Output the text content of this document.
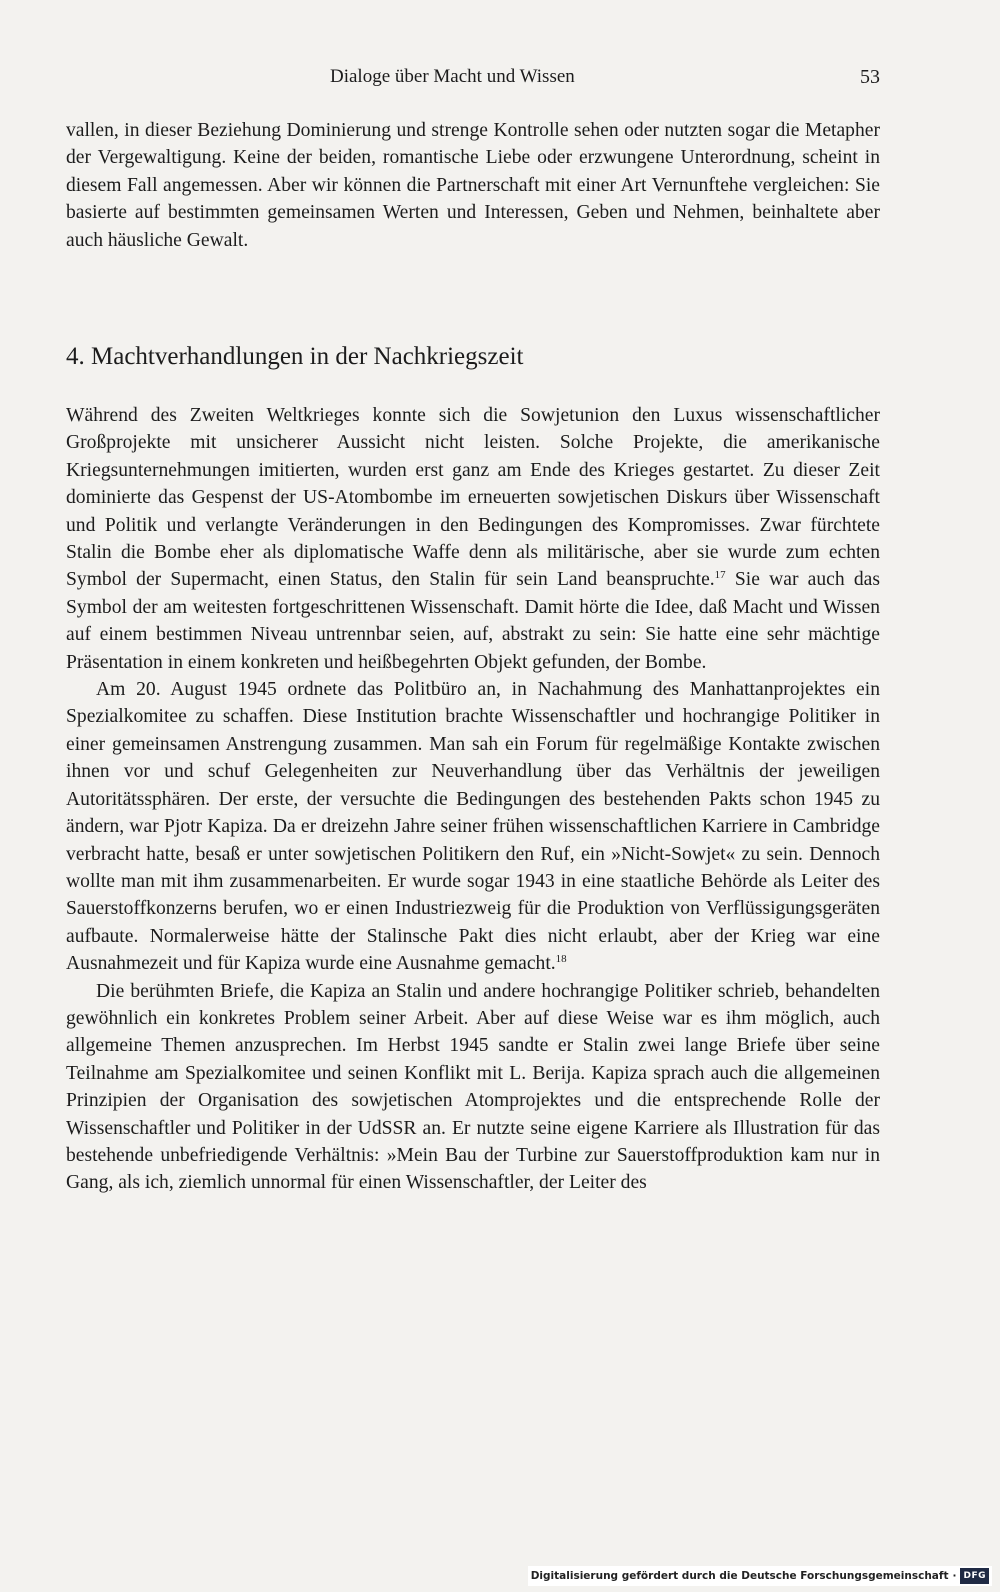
Dialoge über Macht und Wissen	53

vallen, in dieser Beziehung Dominierung und strenge Kontrolle sehen oder nutzten sogar die Metapher der Vergewaltigung. Keine der beiden, romantische Liebe oder erzwungene Unterordnung, scheint in diesem Fall angemessen. Aber wir können die Partnerschaft mit einer Art Vernunftehe vergleichen: Sie basierte auf bestimmten gemeinsamen Werten und Interessen, Geben und Nehmen, beinhaltete aber auch häusliche Gewalt.

4. Machtverhandlungen in der Nachkriegszeit

Während des Zweiten Weltkrieges konnte sich die Sowjetunion den Luxus wissenschaftlicher Großprojekte mit unsicherer Aussicht nicht leisten. Solche Projekte, die amerikanische Kriegsunternehmungen imitierten, wurden erst ganz am Ende des Krieges gestartet. Zu dieser Zeit dominierte das Gespenst der US-Atombombe im erneuerten sowjetischen Diskurs über Wissenschaft und Politik und verlangte Veränderungen in den Bedingungen des Kompromisses. Zwar fürchtete Stalin die Bombe eher als diplomatische Waffe denn als militärische, aber sie wurde zum echten Symbol der Supermacht, einen Status, den Stalin für sein Land beanspruchte.$^{17}$ Sie war auch das Symbol der am weitesten fortgeschrittenen Wissenschaft. Damit hörte die Idee, daß Macht und Wissen auf einem bestimmen Niveau untrennbar seien, auf, abstrakt zu sein: Sie hatte eine sehr mächtige Präsentation in einem konkreten und heißbegehrten Objekt gefunden, der Bombe.

Am 20. August 1945 ordnete das Politbüro an, in Nachahmung des Manhattanprojektes ein Spezialkomitee zu schaffen. Diese Institution brachte Wissenschaftler und hochrangige Politiker in einer gemeinsamen Anstrengung zusammen. Man sah ein Forum für regelmäßige Kontakte zwischen ihnen vor und schuf Gelegenheiten zur Neuverhandlung über das Verhältnis der jeweiligen Autoritätssphären. Der erste, der versuchte die Bedingungen des bestehenden Pakts schon 1945 zu ändern, war Pjotr Kapiza. Da er dreizehn Jahre seiner frühen wissenschaftlichen Karriere in Cambridge verbracht hatte, besaß er unter sowjetischen Politikern den Ruf, ein »Nicht-Sowjet« zu sein. Dennoch wollte man mit ihm zusammenarbeiten. Er wurde sogar 1943 in eine staatliche Behörde als Leiter des Sauerstoffkonzerns berufen, wo er einen Industriezweig für die Produktion von Verflüssigungsgeräten aufbaute. Normalerweise hätte der Stalinsche Pakt dies nicht erlaubt, aber der Krieg war eine Ausnahmezeit und für Kapiza wurde eine Ausnahme gemacht.$^{18}$

Die berühmten Briefe, die Kapiza an Stalin und andere hochrangige Politiker schrieb, behandelten gewöhnlich ein konkretes Problem seiner Arbeit. Aber auf diese Weise war es ihm möglich, auch allgemeine Themen anzusprechen. Im Herbst 1945 sandte er Stalin zwei lange Briefe über seine Teilnahme am Spezialkomitee und seinen Konflikt mit L. Berija. Kapiza sprach auch die allgemeinen Prinzipien der Organisation des sowjetischen Atomprojektes und die entsprechende Rolle der Wissenschaftler und Politiker in der UdSSR an. Er nutzte seine eigene Karriere als Illustration für das bestehende unbefriedigende Verhältnis: »Mein Bau der Turbine zur Sauerstoffproduktion kam nur in Gang, als ich, ziemlich unnormal für einen Wissenschaftler, der Leiter des

Digitalisierung gefördert durch die Deutsche Forschungsgemeinschaft · DFG
